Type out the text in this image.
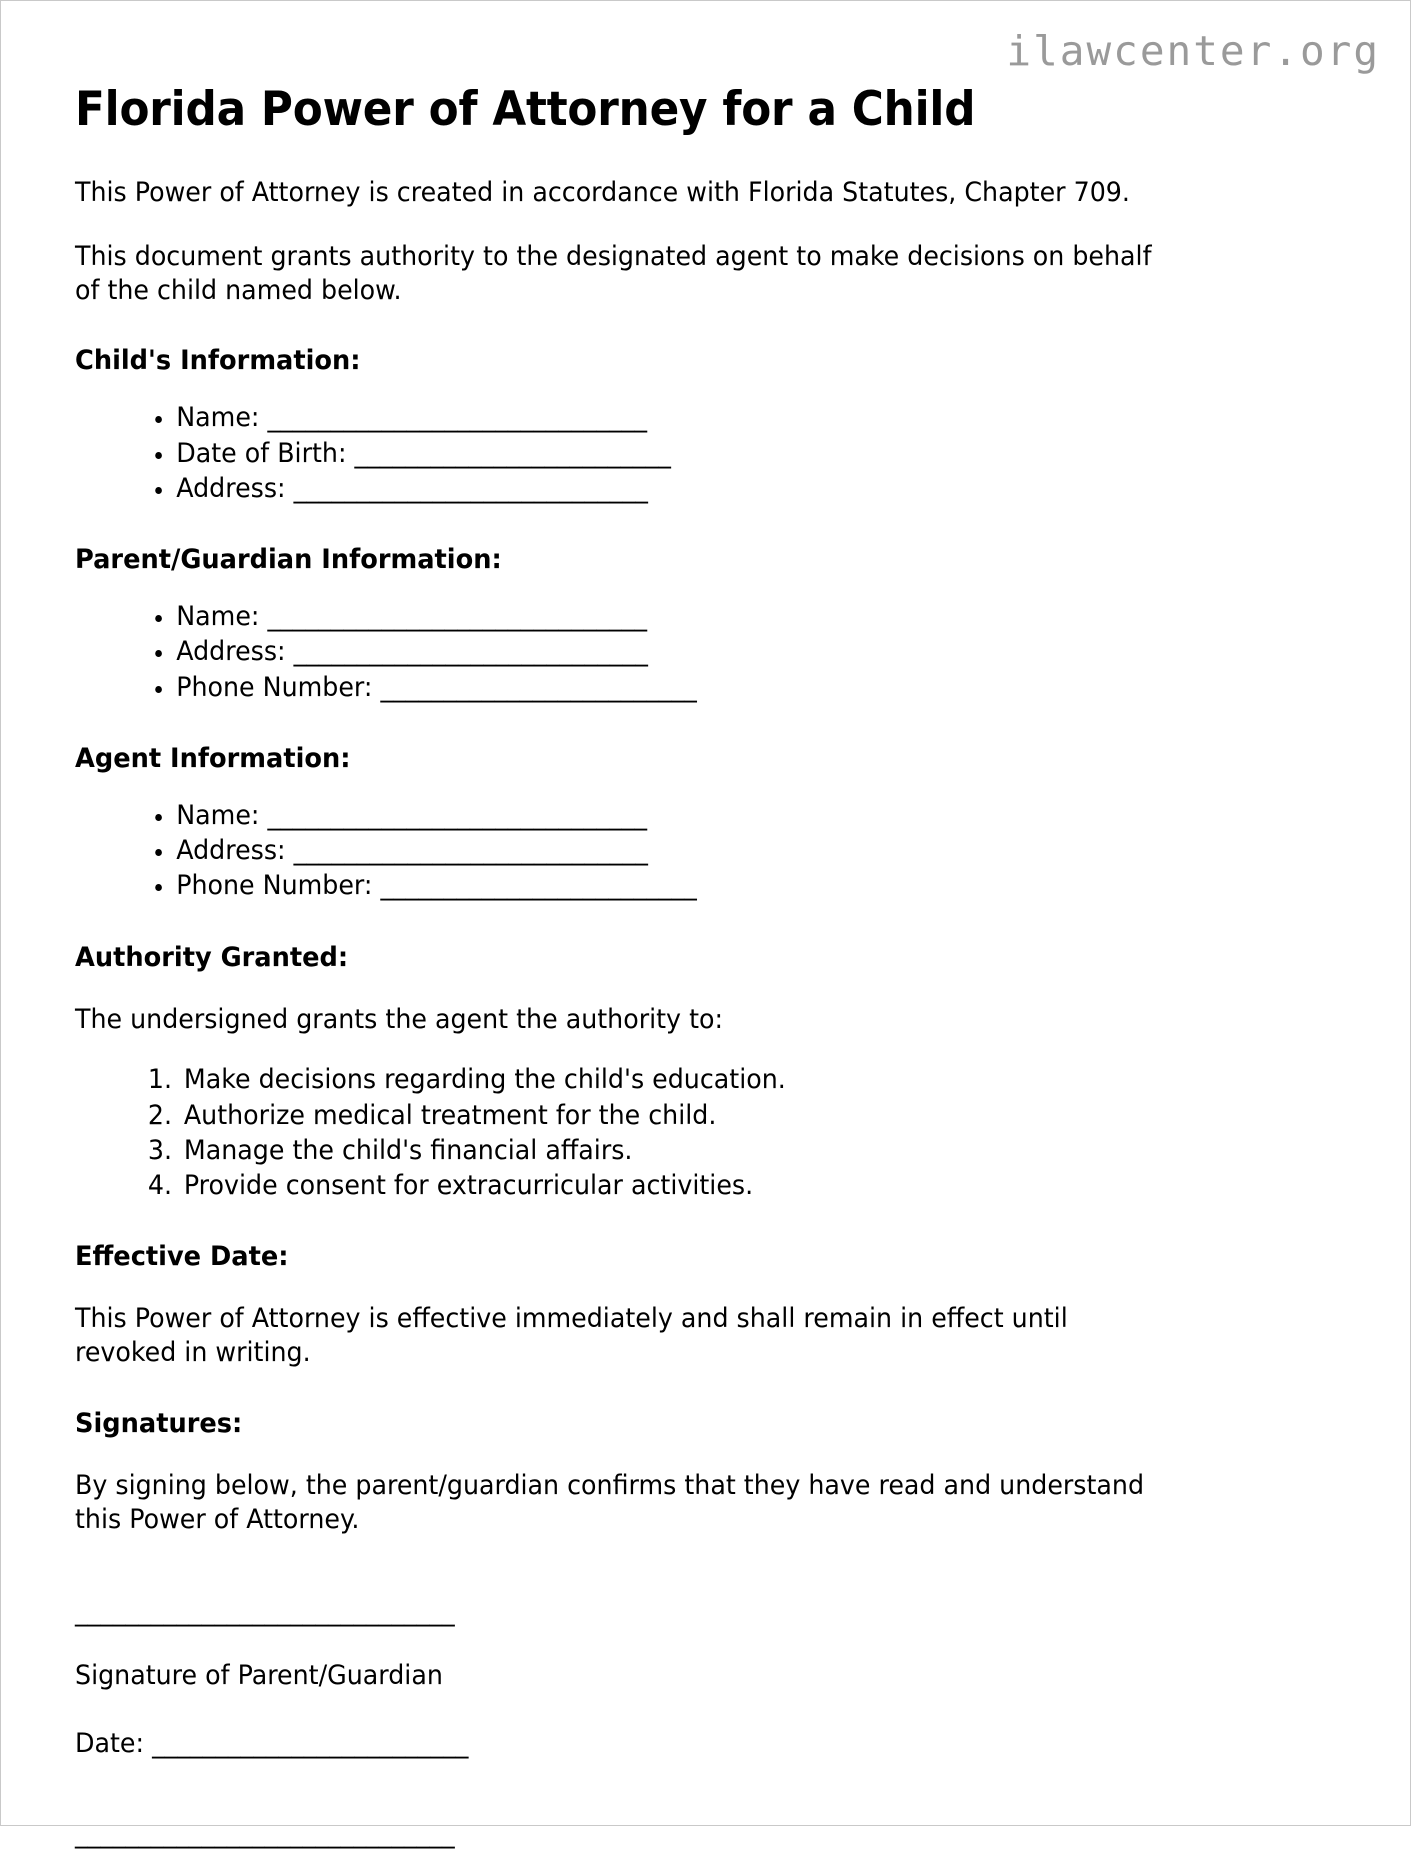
ilawcenter.org
Florida Power of Attorney for a Child

This Power of Attorney is created in accordance with Florida Statutes, Chapter 709.

This document grants authority to the designated agent to make decisions on behalf of the child named below.

Child's Information:
• Name: ______________________________
• Date of Birth: _________________________
• Address: ____________________________
Parent/Guardian Information:
• Name: ______________________________
• Address: ____________________________
• Phone Number: _________________________
Agent Information:
• Name: ______________________________
• Address: ____________________________
• Phone Number: _________________________
Authority Granted:

The undersigned grants the agent the authority to:

1. Make decisions regarding the child's education.
2. Authorize medical treatment for the child.
3. Manage the child's financial affairs.
4. Provide consent for extracurricular activities.
Effective Date:

This Power of Attorney is effective immediately and shall remain in effect until revoked in writing.

Signatures:

By signing below, the parent/guardian confirms that they have read and understand this Power of Attorney.

______________________________

Signature of Parent/Guardian

Date: _________________________

______________________________
